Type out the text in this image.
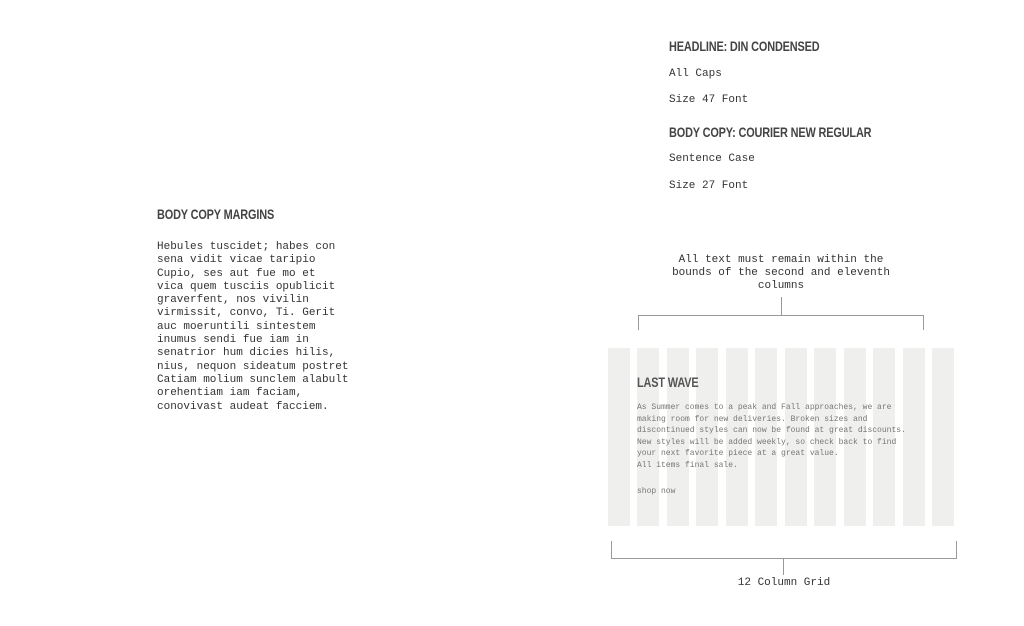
HEADLINE: DIN CONDENSED
All Caps
Size 47 Font
BODY COPY: COURIER NEW REGULAR
Sentence Case
Size 27 Font
BODY COPY MARGINS
Hebules tuscidet; habes con
sena vidit vicae taripio
Cupio, ses aut fue mo et
vica quem tusciis opublicit
graverfent, nos vivilin
virmissit, convo, Ti. Gerit
auc moeruntili sintestem
inumus sendi fue iam in
senatrior hum dicies hilis,
nius, nequon sideatum postret
Catiam molium sunclem alabult
orehentiam iam faciam,
conovivast audeat facciem.
All text must remain within the bounds of the second and eleventh columns
LAST WAVE
As Summer comes to a peak and Fall approaches, we are
making room for new deliveries. Broken sizes and
discontinued styles can now be found at great discounts.
New styles will be added weekly, so check back to find
your next favorite piece at a great value.
All items final sale.
shop now
12 Column Grid
